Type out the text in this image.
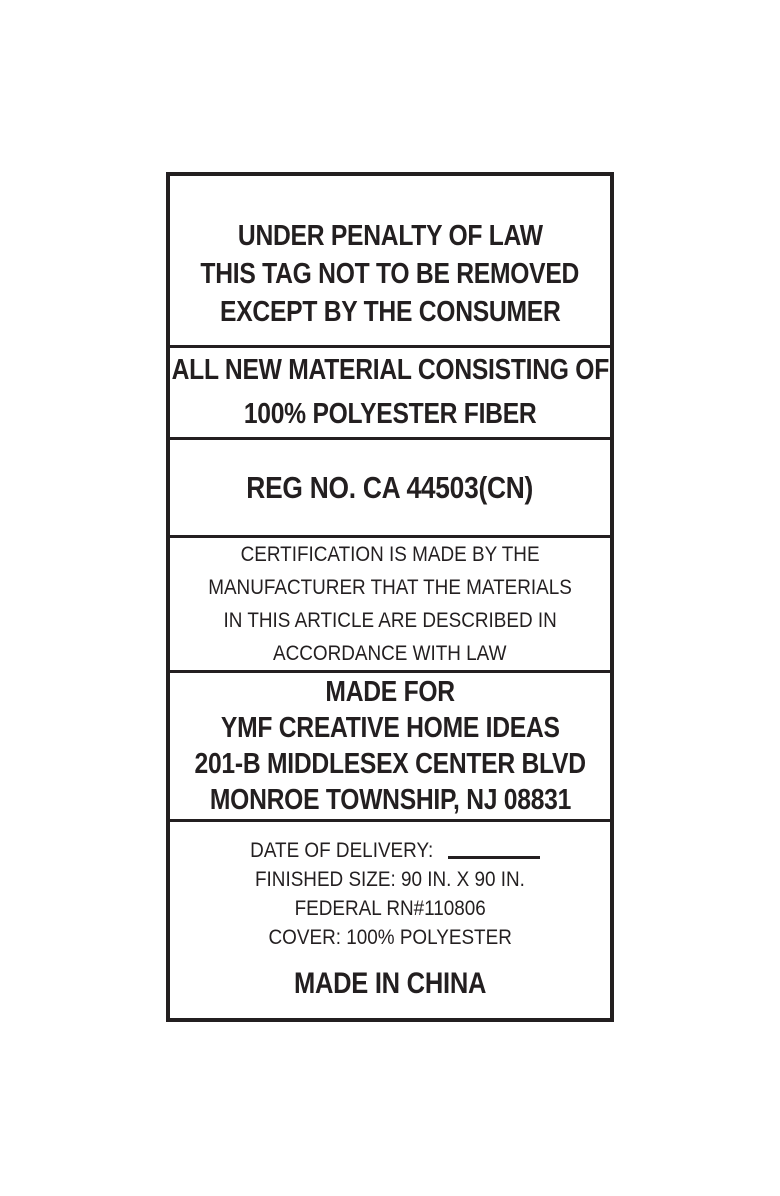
UNDER PENALTY OF LAW
THIS TAG NOT TO BE REMOVED
EXCEPT BY THE CONSUMER
ALL NEW MATERIAL CONSISTING OF
100% POLYESTER FIBER
REG NO. CA 44503(CN)
CERTIFICATION IS MADE BY THE
MANUFACTURER THAT THE MATERIALS
IN THIS ARTICLE ARE DESCRIBED IN
ACCORDANCE WITH LAW
MADE FOR
YMF CREATIVE HOME IDEAS
201-B MIDDLESEX CENTER BLVD
MONROE TOWNSHIP, NJ 08831
DATE OF DELIVERY:
FINISHED SIZE: 90 IN. X 90 IN.
FEDERAL RN#110806
COVER: 100% POLYESTER
MADE IN CHINA
